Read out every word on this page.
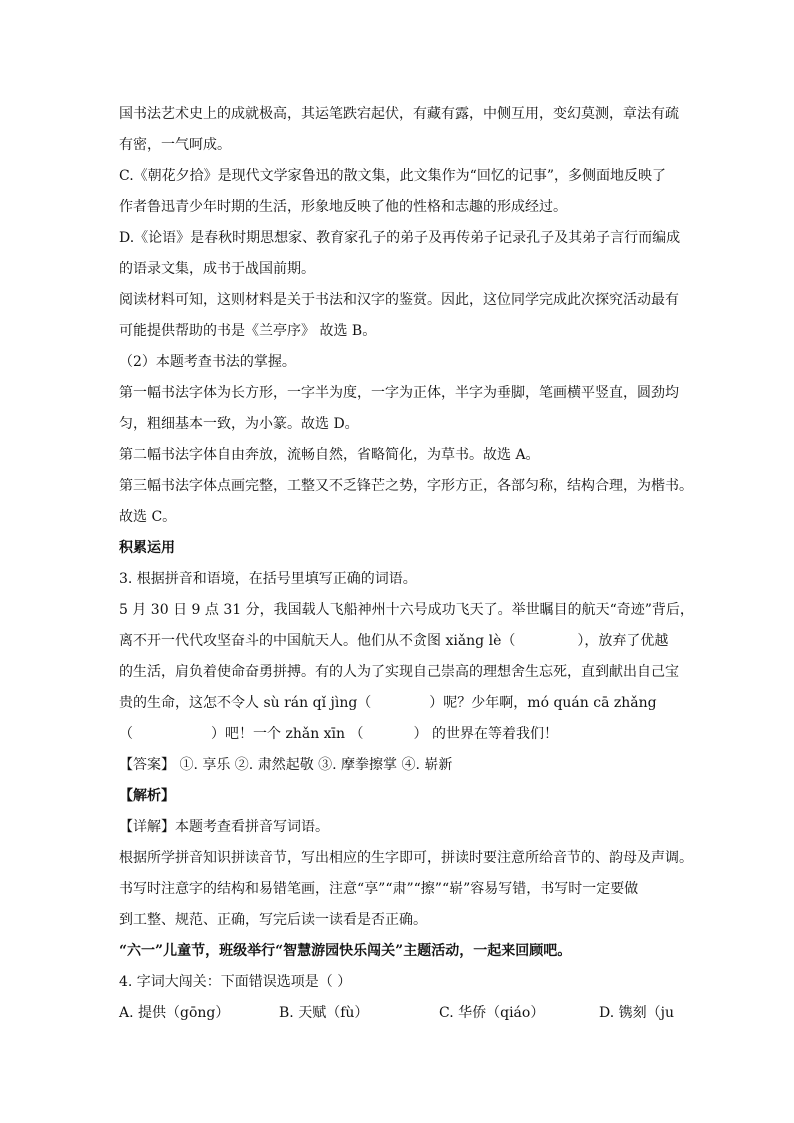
国书法艺术史上的成就极高，其运笔跌宕起伏，有藏有露，中侧互用，变幻莫测，章法有疏
有密，一气呵成。
C.《朝花夕拾》是现代文学家鲁迅的散文集，此文集作为“回忆的记事”，多侧面地反映了
作者鲁迅青少年时期的生活，形象地反映了他的性格和志趣的形成经过。
D.《论语》是春秋时期思想家、教育家孔子的弟子及再传弟子记录孔子及其弟子言行而编成
的语录文集，成书于战国前期。
阅读材料可知，这则材料是关于书法和汉字的鉴赏。因此，这位同学完成此次探究活动最有
可能提供帮助的书是《兰亭序》 故选 B。
（2）本题考查书法的掌握。
第一幅书法字体为长方形，一字半为度，一字为正体，半字为垂脚，笔画横平竖直，圆劲均
匀，粗细基本一致，为小篆。故选 D。
第二幅书法字体自由奔放，流畅自然，省略简化，为草书。故选 A。
第三幅书法字体点画完整，工整又不乏锋芒之势，字形方正，各部匀称，结构合理，为楷书。
故选 C。
积累运用
3. 根据拼音和语境，在括号里填写正确的词语。
5 月 30 日 9 点 31 分，我国载人飞船神州十六号成功飞天了。举世瞩目的航天“奇迹”背后，
离不开一代代攻坚奋斗的中国航天人。他们从不贪图 xiǎng lè（	），放弃了优越
的生活，肩负着使命奋勇拼搏。有的人为了实现自己崇高的理想舍生忘死，直到献出自己宝
贵的生命，这怎不令人 sù rán qǐ jìng（	）呢？少年啊，mó quán cā zhǎng
（	）吧！一个 zhǎn xīn （	） 的世界在等着我们！
【答案】 ①. 享乐 ②. 肃然起敬 ③. 摩拳擦掌 ④. 崭新
【解析】
【详解】本题考查看拼音写词语。
根据所学拼音知识拼读音节，写出相应的生字即可，拼读时要注意所给音节的、韵母及声调。
书写时注意字的结构和易错笔画，注意“享”“肃”“擦”“崭”容易写错，书写时一定要做
到工整、规范、正确，写完后读一读看是否正确。
“六一”儿童节，班级举行“智慧游园快乐闯关”主题活动，一起来回顾吧。
4. 字词大闯关：下面错误选项是（ ）
A. 提供（gōng）	B. 天赋（fù）	C. 华侨（qiáo）	D. 镌刻（ju
